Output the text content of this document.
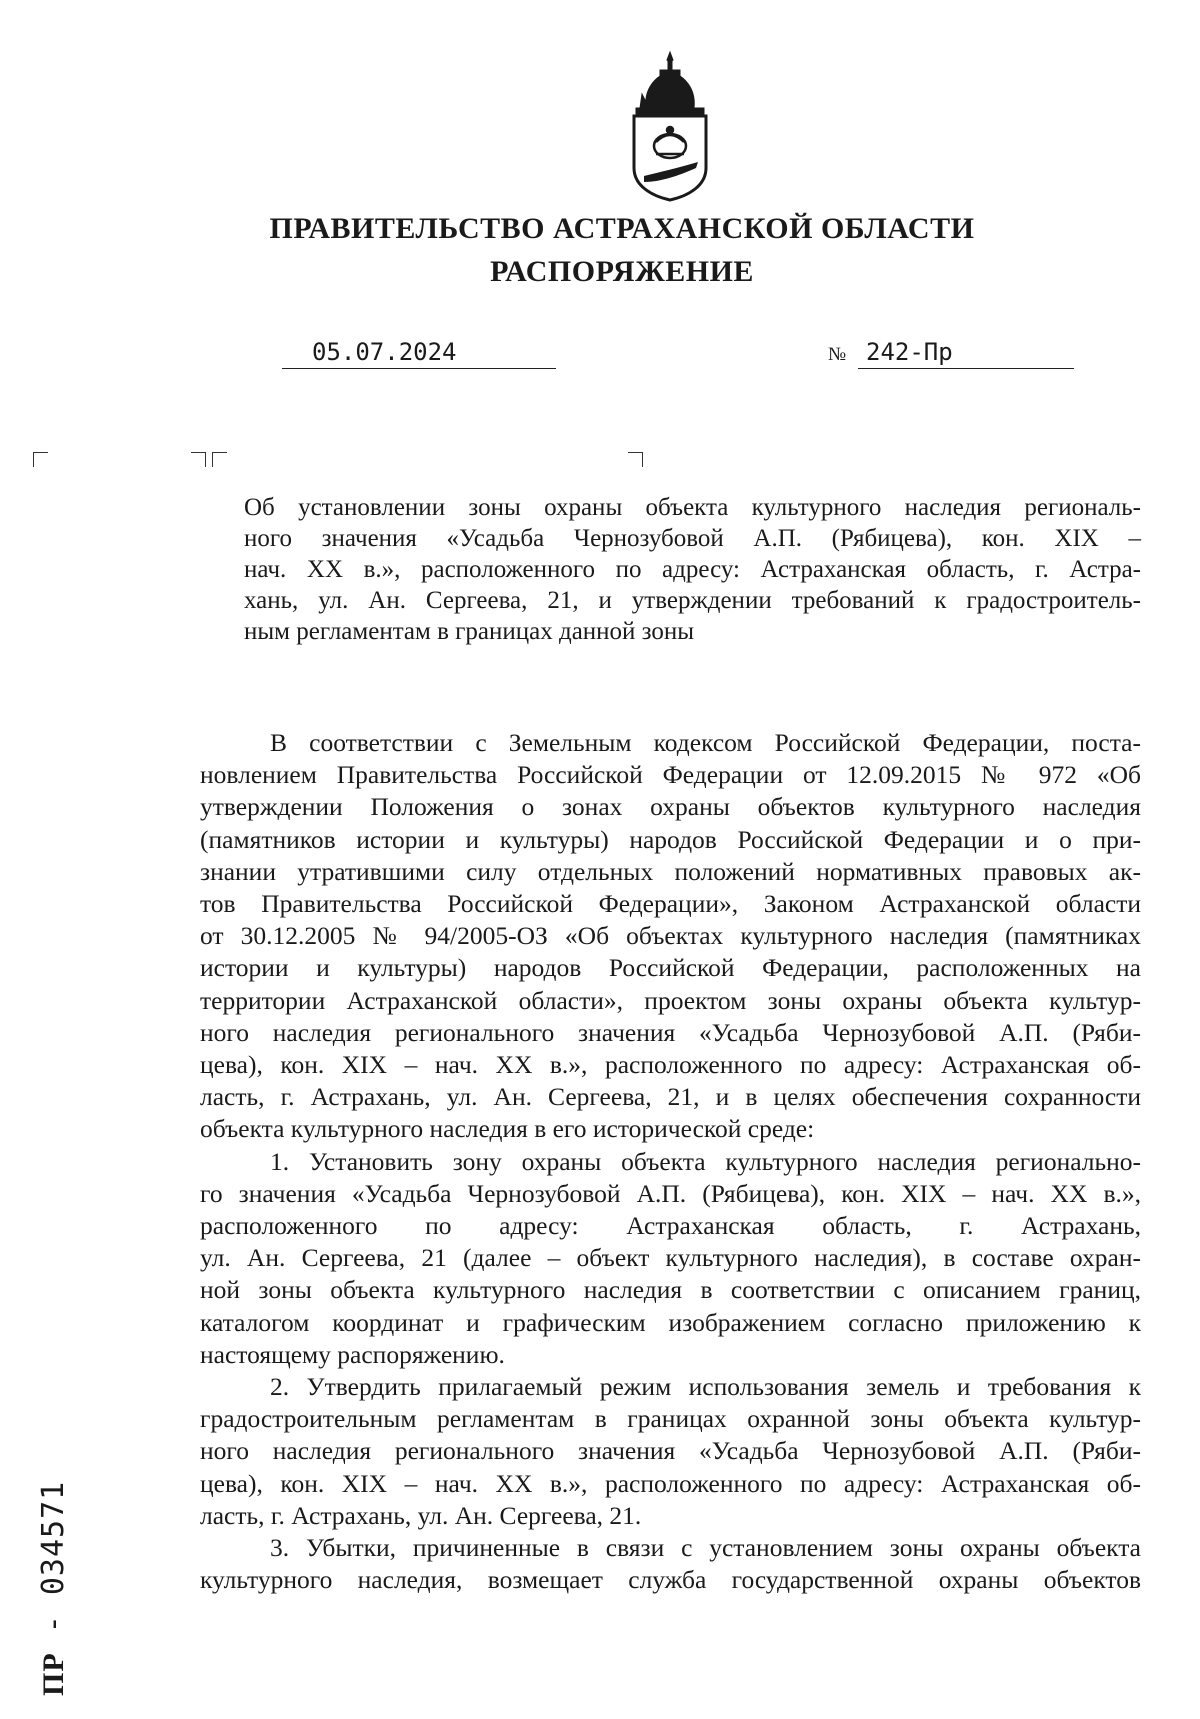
ПРАВИТЕЛЬСТВО АСТРАХАНСКОЙ ОБЛАСТИ
РАСПОРЯЖЕНИЕ
05.07.2024	№ 242-Пр
Об установлении зоны охраны объекта культурного наследия региональ-
ного значения «Усадьба Чернозубовой А.П. (Рябицева), кон. XIX –
нач. XX в.», расположенного по адресу: Астраханская область, г. Астра-
хань, ул. Ан. Сергеева, 21, и утверждении требований к градостроитель-
ным регламентам в границах данной зоны
В соответствии с Земельным кодексом Российской Федерации, поста-
новлением Правительства Российской Федерации от 12.09.2015 № 972 «Об
утверждении Положения о зонах охраны объектов культурного наследия
(памятников истории и культуры) народов Российской Федерации и о при-
знании утратившими силу отдельных положений нормативных правовых ак-
тов Правительства Российской Федерации», Законом Астраханской области
от 30.12.2005 № 94/2005-ОЗ «Об объектах культурного наследия (памятниках
истории и культуры) народов Российской Федерации, расположенных на
территории Астраханской области», проектом зоны охраны объекта культур-
ного наследия регионального значения «Усадьба Чернозубовой А.П. (Ряби-
цева), кон. XIX – нач. XX в.», расположенного по адресу: Астраханская об-
ласть, г. Астрахань, ул. Ан. Сергеева, 21, и в целях обеспечения сохранности
объекта культурного наследия в его исторической среде:
1. Установить зону охраны объекта культурного наследия регионально-
го значения «Усадьба Чернозубовой А.П. (Рябицева), кон. XIX – нач. XX в.»,
расположенного по адресу: Астраханская область, г. Астрахань,
ул. Ан. Сергеева, 21 (далее – объект культурного наследия), в составе охран-
ной зоны объекта культурного наследия в соответствии с описанием границ,
каталогом координат и графическим изображением согласно приложению к
настоящему распоряжению.
2. Утвердить прилагаемый режим использования земель и требования к
градостроительным регламентам в границах охранной зоны объекта культур-
ного наследия регионального значения «Усадьба Чернозубовой А.П. (Ряби-
цева), кон. XIX – нач. XX в.», расположенного по адресу: Астраханская об-
ласть, г. Астрахань, ул. Ан. Сергеева, 21.
3. Убытки, причиненные в связи с установлением зоны охраны объекта
культурного наследия, возмещает служба государственной охраны объектов
ПР - 034571
